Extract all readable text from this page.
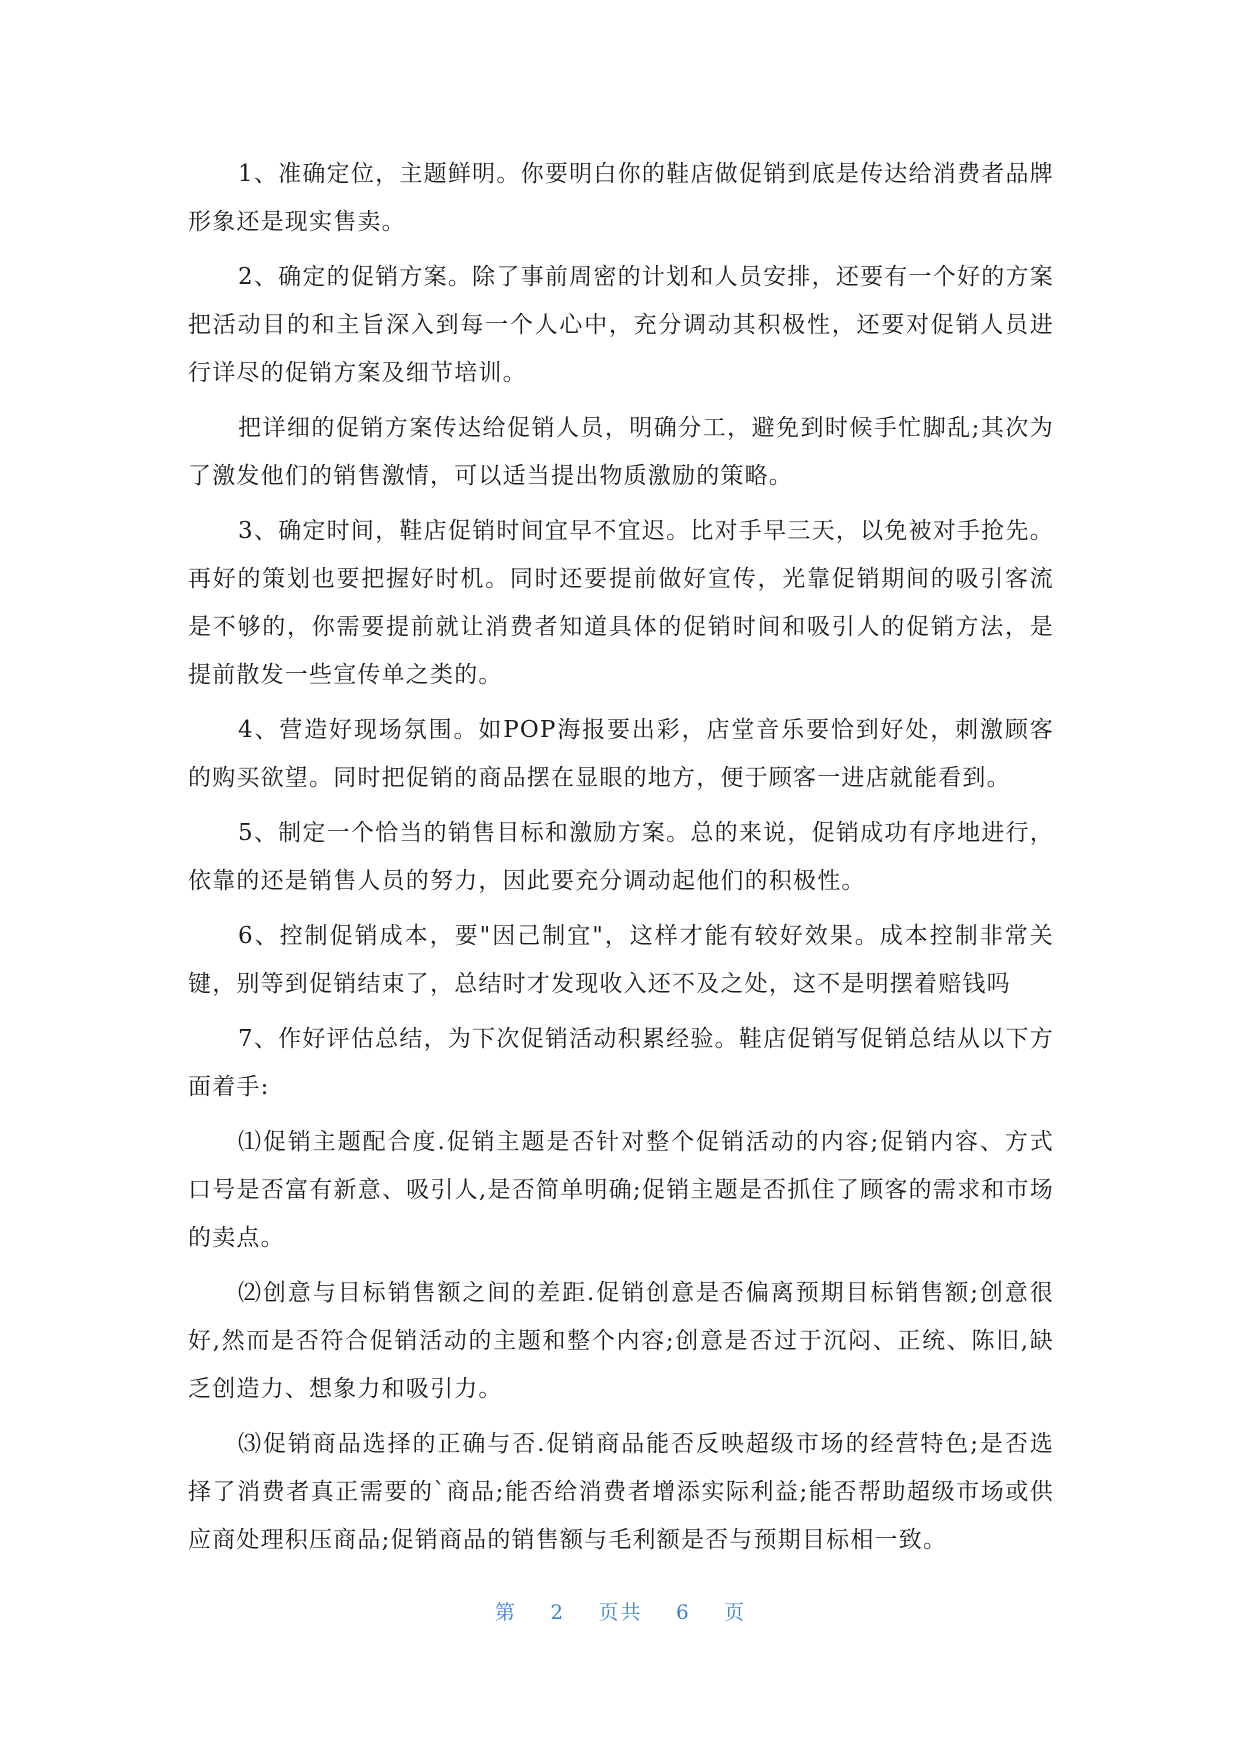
1、准确定位，主题鲜明。你要明白你的鞋店做促销到底是传达给消费者品牌形象还是现实售卖。

2、确定的促销方案。除了事前周密的计划和人员安排，还要有一个好的方案把活动目的和主旨深入到每一个人心中，充分调动其积极性，还要对促销人员进行详尽的促销方案及细节培训。

把详细的促销方案传达给促销人员，明确分工，避免到时候手忙脚乱;其次为了激发他们的销售激情，可以适当提出物质激励的策略。

3、确定时间，鞋店促销时间宜早不宜迟。比对手早三天，以免被对手抢先。再好的策划也要把握好时机。同时还要提前做好宣传，光靠促销期间的吸引客流是不够的，你需要提前就让消费者知道具体的促销时间和吸引人的促销方法，是提前散发一些宣传单之类的。

4、营造好现场氛围。如POP海报要出彩，店堂音乐要恰到好处，刺激顾客的购买欲望。同时把促销的商品摆在显眼的地方，便于顾客一进店就能看到。

5、制定一个恰当的销售目标和激励方案。总的来说，促销成功有序地进行，依靠的还是销售人员的努力，因此要充分调动起他们的积极性。

6、控制促销成本，要"因己制宜"，这样才能有较好效果。成本控制非常关键，别等到促销结束了，总结时才发现收入还不及之处，这不是明摆着赔钱吗

7、作好评估总结，为下次促销活动积累经验。鞋店促销写促销总结从以下方面着手:

⑴促销主题配合度.促销主题是否针对整个促销活动的内容;促销内容、方式口号是否富有新意、吸引人,是否简单明确;促销主题是否抓住了顾客的需求和市场的卖点。

⑵创意与目标销售额之间的差距.促销创意是否偏离预期目标销售额;创意很好,然而是否符合促销活动的主题和整个内容;创意是否过于沉闷、正统、陈旧,缺乏创造力、想象力和吸引力。

⑶促销商品选择的正确与否.促销商品能否反映超级市场的经营特色;是否选择了消费者真正需要的`商品;能否给消费者增添实际利益;能否帮助超级市场或供应商处理积压商品;促销商品的销售额与毛利额是否与预期目标相一致。

第 2 页共 6 页
